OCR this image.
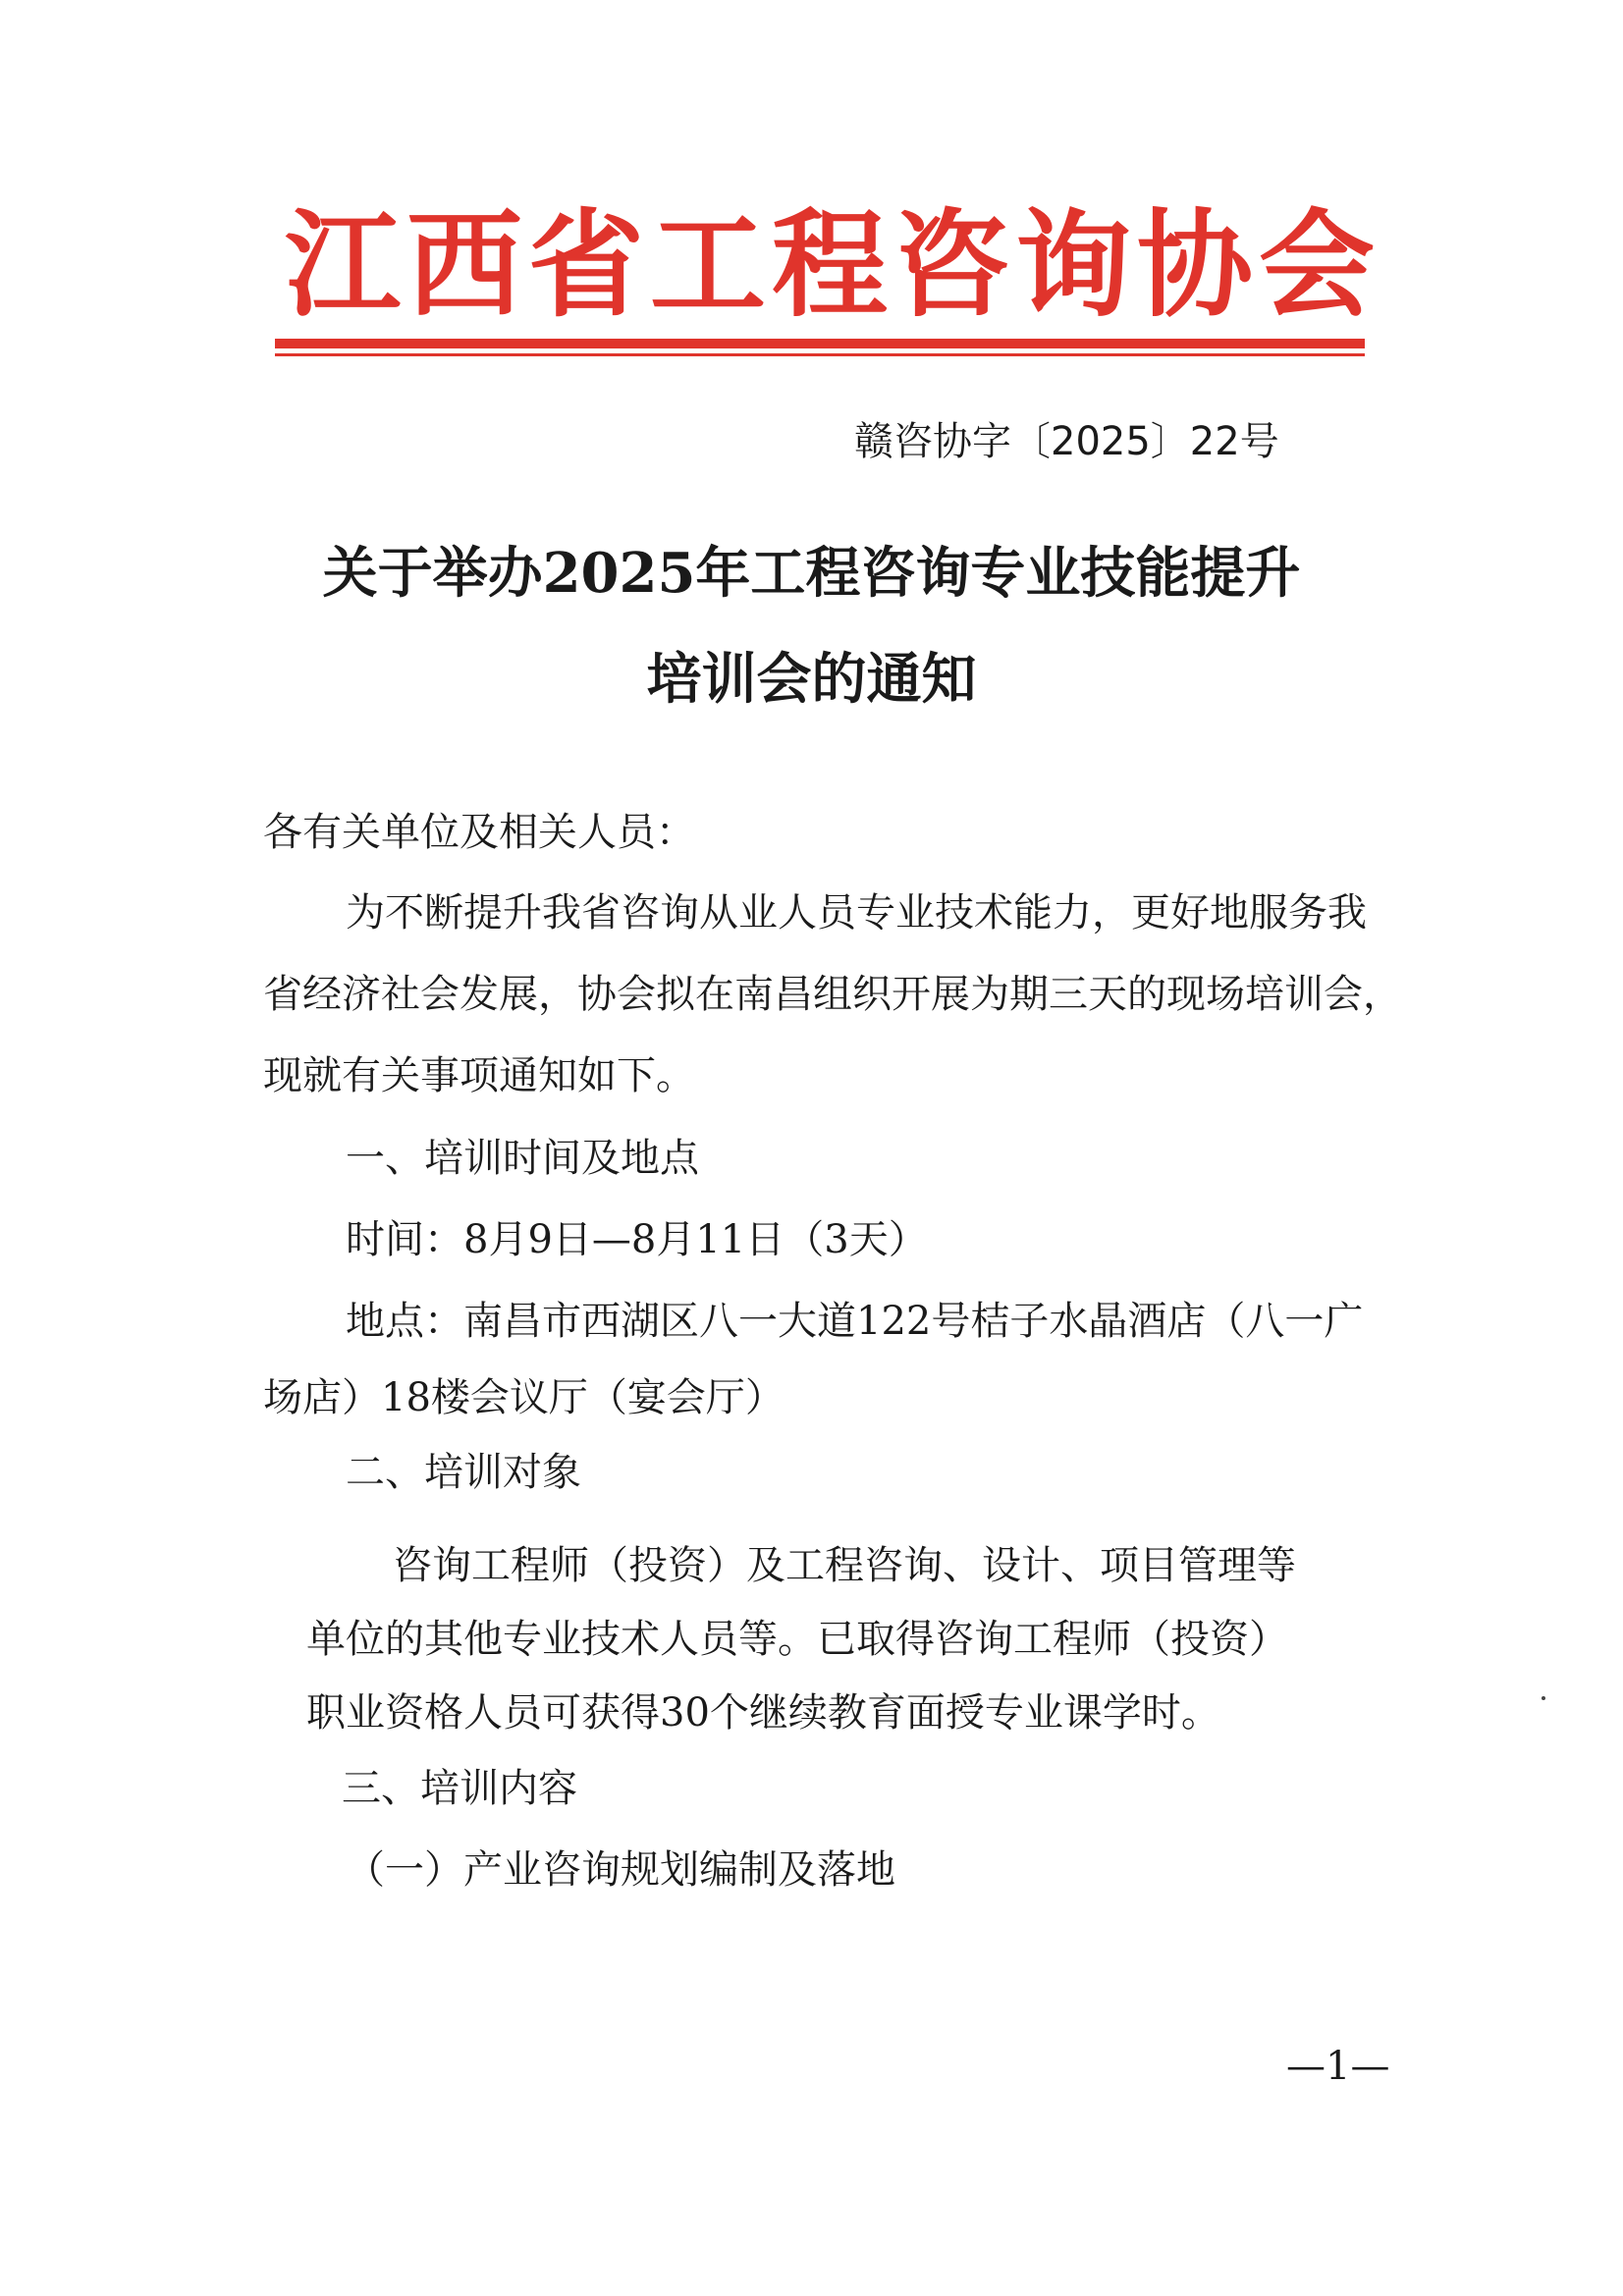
江西省工程咨询协会
赣咨协字〔2025〕22号
关于举办2025年工程咨询专业技能提升
培训会的通知
各有关单位及相关人员：
为不断提升我省咨询从业人员专业技术能力，更好地服务我
省经济社会发展，协会拟在南昌组织开展为期三天的现场培训会，
现就有关事项通知如下。
一、培训时间及地点
时间：8月9日—8月11日（3天）
地点：南昌市西湖区八一大道122号桔子水晶酒店（八一广
场店）18楼会议厅（宴会厅）
二、培训对象
咨询工程师（投资）及工程咨询、设计、项目管理等
单位的其他专业技术人员等。已取得咨询工程师（投资）
职业资格人员可获得30个继续教育面授专业课学时。
三、培训内容
（一）产业咨询规划编制及落地
—1—
